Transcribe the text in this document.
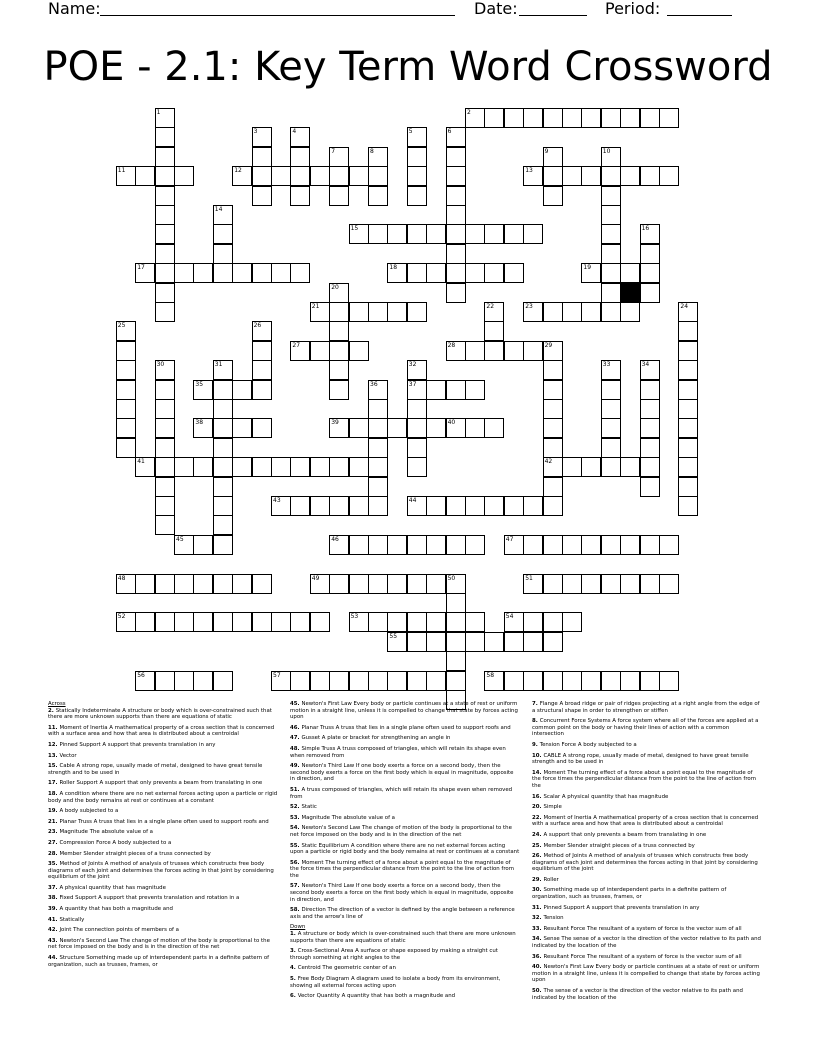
Name:	Date:	Period:
POE - 2.1: Key Term Word Crossword
2
11	12	13
15
17	18	19
21	23
27	28
35	37
38	39	40
41	42
43	44
45	46	47
48	49	50	51
52	53	54
55
56	57	58
1
3	4	5	6
7	8	9	10
14
16
20
22	24
25	26
29
30	31	32	33	34
36

Across

2. Statically Indeterminate A structure or body which is over-constrained such that there are more unknown supports than there are equations of static

11. Moment of Inertia A mathematical property of a cross section that is concerned with a surface area and how that area is distributed about a centroidal

12. Pinned Support A support that prevents translation in any

13. Vector

15. Cable A strong rope, usually made of metal, designed to have great tensile strength and to be used in

17. Roller Support A support that only prevents a beam from translating in one

18. A condition where there are no net external forces acting upon a particle or rigid body and the body remains at rest or continues at a constant

19. A body subjected to a

21. Planar Truss A truss that lies in a single plane often used to support roofs and

23. Magnitude The absolute value of a

27. Compression Force A body subjected to a

28. Member Slender straight pieces of a truss connected by

35. Method of Joints A method of analysis of trusses which constructs free body diagrams of each joint and determines the forces acting in that joint by considering equilibrium of the joint

37. A physical quantity that has magnitude

38. Fixed Support A support that prevents translation and rotation in a

39. A quantity that has both a magnitude and

41. Statically

42. Joint The connection points of members of a

43. Newton's Second Law The change of motion of the body is proportional to the net force imposed on the body and is in the direction of the net

44. Structure Something made up of interdependent parts in a definite pattern of organization, such as trusses, frames, or

45. Newton's First Law Every body or particle continues at a state of rest or uniform motion in a straight line, unless it is compelled to change that state by forces acting upon

46. Planar Truss A truss that lies in a single plane often used to support roofs and

47. Gusset A plate or bracket for strengthening an angle in

48. Simple Truss A truss composed of triangles, which will retain its shape even when removed from

49. Newton's Third Law If one body exerts a force on a second body, then the second body exerts a force on the first body which is equal in magnitude, opposite in direction, and

51. A truss composed of triangles, which will retain its shape even when removed from

52. Static

53. Magnitude The absolute value of a

54. Newton's Second Law The change of motion of the body is proportional to the net force imposed on the body and is in the direction of the net

55. Static Equilibrium A condition where there are no net external forces acting upon a particle or rigid body and the body remains at rest or continues at a constant

56. Moment The turning effect of a force about a point equal to the magnitude of the force times the perpendicular distance from the point to the line of action from the

57. Newton's Third Law If one body exerts a force on a second body, then the second body exerts a force on the first body which is equal in magnitude, opposite in direction, and

58. Direction The direction of a vector is defined by the angle between a reference axis and the arrow's line of

Down

1. A structure or body which is over-constrained such that there are more unknown supports than there are equations of static

3. Cross-Sectional Area A surface or shape exposed by making a straight cut through something at right angles to the

4. Centroid The geometric center of an

5. Free Body Diagram A diagram used to isolate a body from its environment, showing all external forces acting upon

6. Vector Quantity A quantity that has both a magnitude and

7. Flange A broad ridge or pair of ridges projecting at a right angle from the edge of a structural shape in order to strengthen or stiffen

8. Concurrent Force Systems A force system where all of the forces are applied at a common point on the body or having their lines of action with a common intersection

9. Tension Force A body subjected to a

10. CABLE A strong rope, usually made of metal, designed to have great tensile strength and to be used in

14. Moment The turning effect of a force about a point equal to the magnitude of the force times the perpendicular distance from the point to the line of action from the

16. Scalar A physical quantity that has magnitude

20. Simple

22. Moment of Inertia A mathematical property of a cross section that is concerned with a surface area and how that area is distributed about a centroidal

24. A support that only prevents a beam from translating in one

25. Member Slender straight pieces of a truss connected by

26. Method of Joints A method of analysis of trusses which constructs free body diagrams of each joint and determines the forces acting in that joint by considering equilibrium of the joint

29. Roller

30. Something made up of interdependent parts in a definite pattern of organization, such as trusses, frames, or

31. Pinned Support A support that prevents translation in any

32. Tension

33. Resultant Force The resultant of a system of force is the vector sum of all

34. Sense The sense of a vector is the direction of the vector relative to its path and indicated by the location of the

36. Resultant Force The resultant of a system of force is the vector sum of all

40. Newton's First Law Every body or particle continues at a state of rest or uniform motion in a straight line, unless it is compelled to change that state by forces acting upon

50. The sense of a vector is the direction of the vector relative to its path and indicated by the location of the
